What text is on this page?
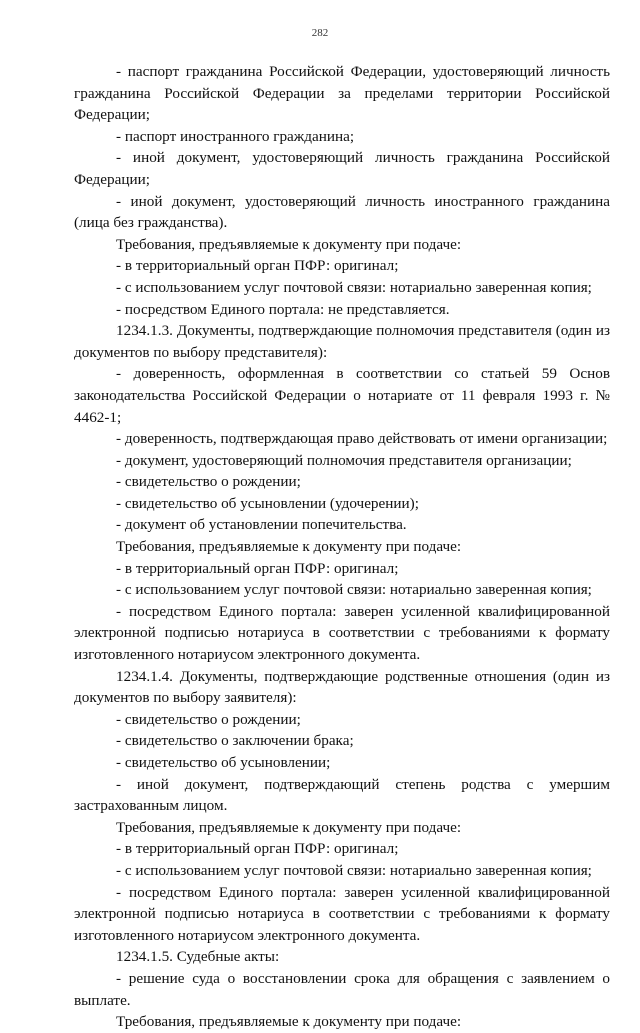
282

- паспорт гражданина Российской Федерации, удостоверяющий личность гражданина Российской Федерации за пределами территории Российской Федерации;

- паспорт иностранного гражданина;

- иной документ, удостоверяющий личность гражданина Российской Федерации;

- иной документ, удостоверяющий личность иностранного гражданина (лица без гражданства).

Требования, предъявляемые к документу при подаче:

- в территориальный орган ПФР: оригинал;

- с использованием услуг почтовой связи: нотариально заверенная копия;

- посредством Единого портала: не представляется.

1234.1.3. Документы, подтверждающие полномочия представителя (один из документов по выбору представителя):

- доверенность, оформленная в соответствии со статьей 59 Основ законодательства Российской Федерации о нотариате от 11 февраля 1993 г. № 4462-1;

- доверенность, подтверждающая право действовать от имени организации;

- документ, удостоверяющий полномочия представителя организации;

- свидетельство о рождении;

- свидетельство об усыновлении (удочерении);

- документ об установлении попечительства.

Требования, предъявляемые к документу при подаче:

- в территориальный орган ПФР: оригинал;

- с использованием услуг почтовой связи: нотариально заверенная копия;

- посредством Единого портала: заверен усиленной квалифицированной электронной подписью нотариуса в соответствии с требованиями к формату изготовленного нотариусом электронного документа.

1234.1.4. Документы, подтверждающие родственные отношения (один из документов по выбору заявителя):

- свидетельство о рождении;

- свидетельство о заключении брака;

- свидетельство об усыновлении;

- иной документ, подтверждающий степень родства с умершим застрахованным лицом.

Требования, предъявляемые к документу при подаче:

- в территориальный орган ПФР: оригинал;

- с использованием услуг почтовой связи: нотариально заверенная копия;

- посредством Единого портала: заверен усиленной квалифицированной электронной подписью нотариуса в соответствии с требованиями к формату изготовленного нотариусом электронного документа.

1234.1.5. Судебные акты:

- решение суда о восстановлении срока для обращения с заявлением о выплате.

Требования, предъявляемые к документу при подаче:
